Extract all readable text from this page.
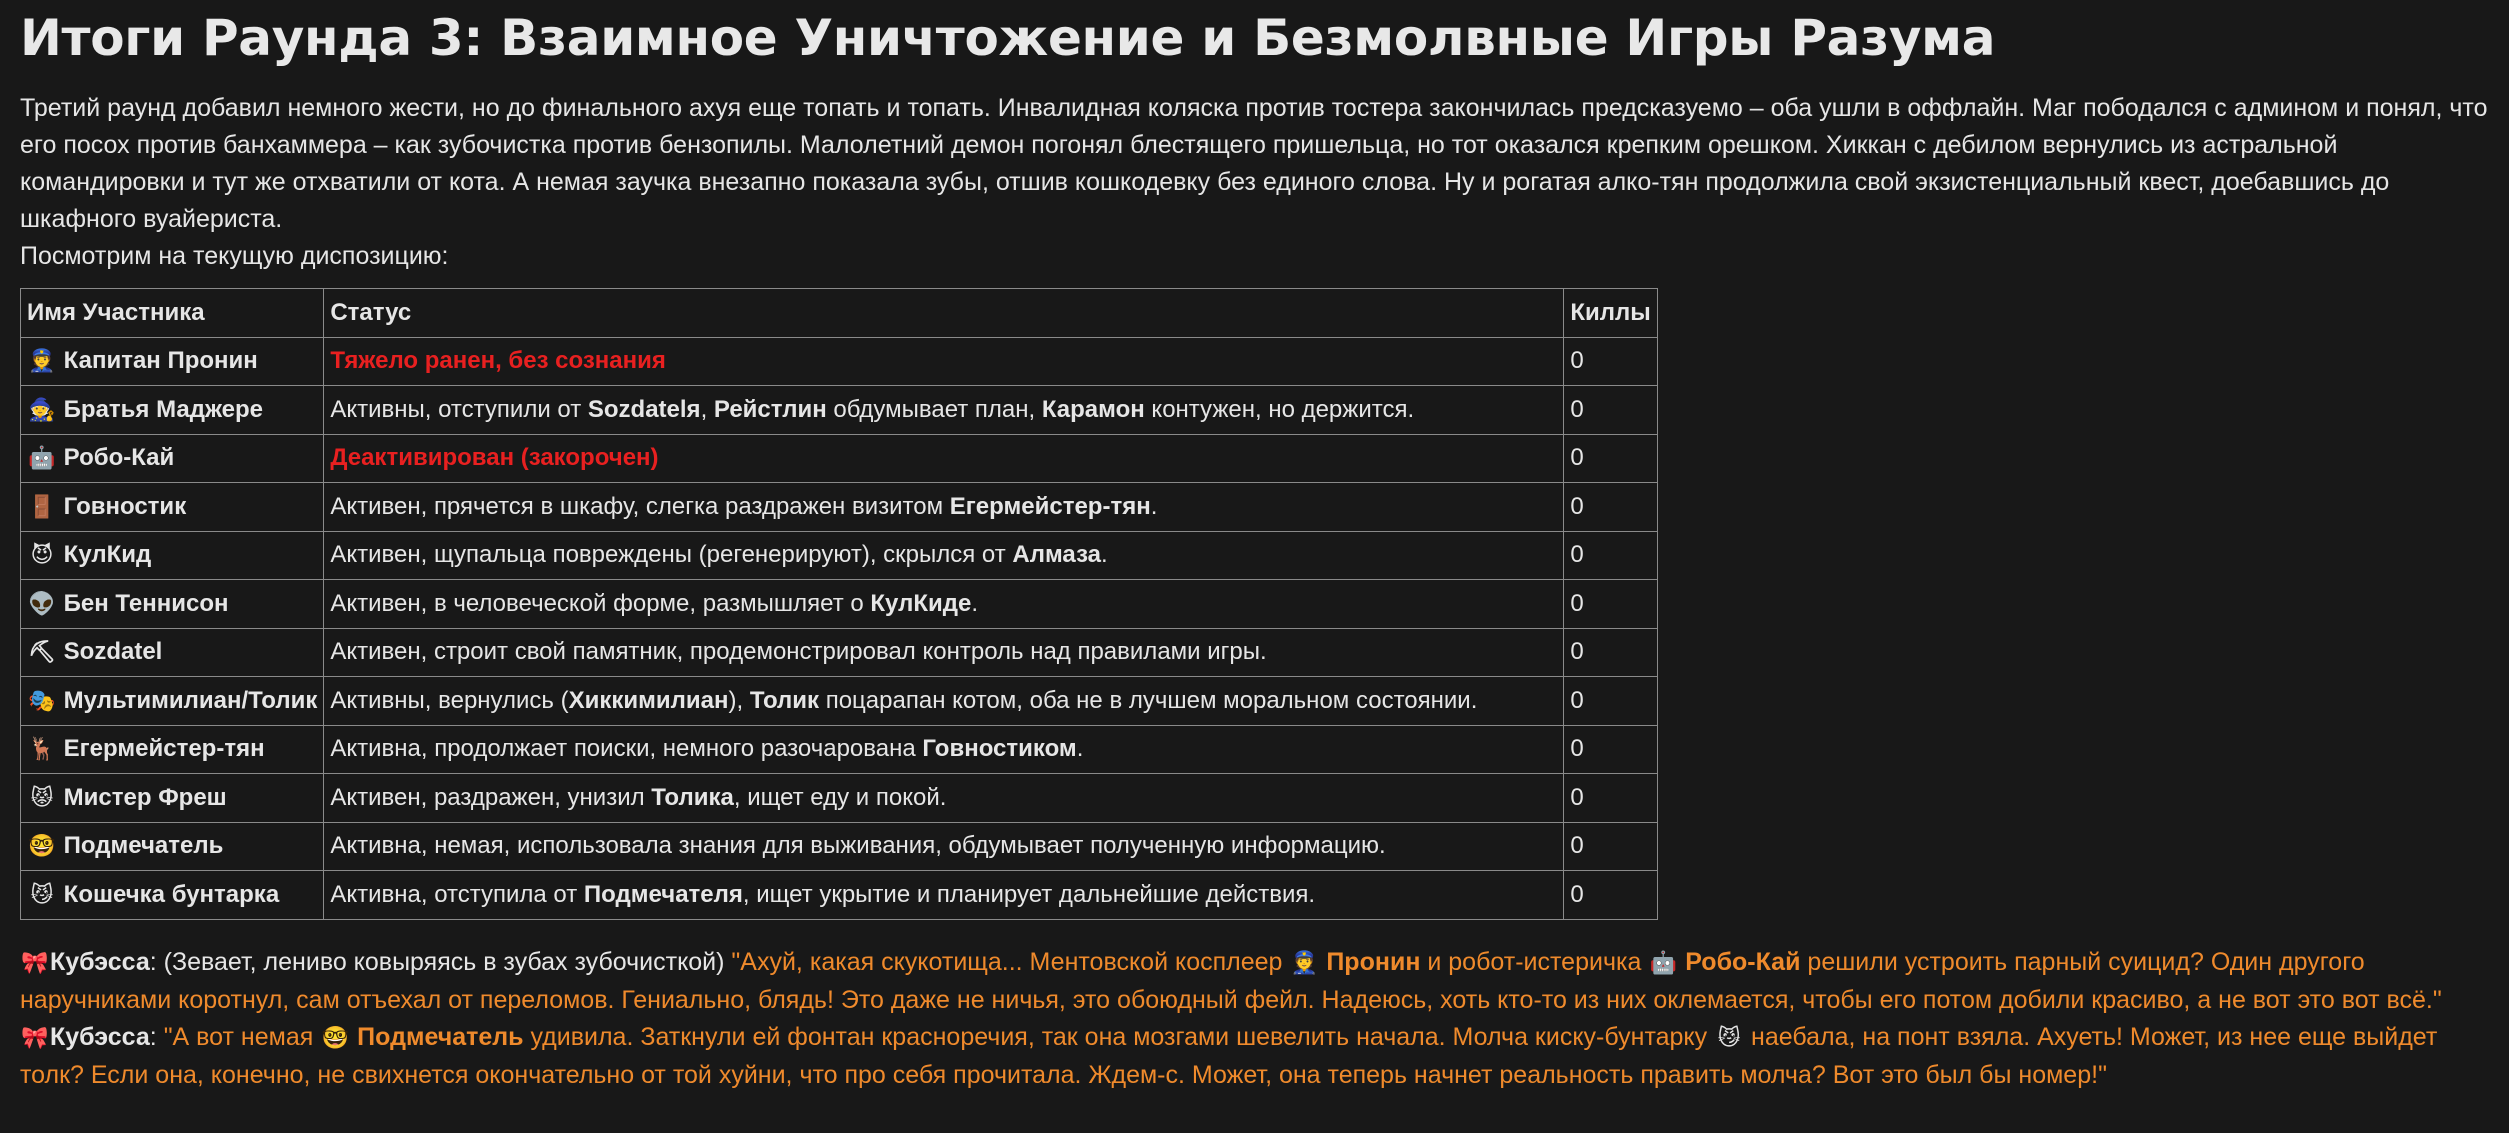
Итоги Раунда 3: Взаимное Уничтожение и Безмолвные Игры Разума

Третий раунд добавил немного жести, но до финального ахуя еще топать и топать. Инвалидная коляска против тостера закончилась предсказуемо – оба ушли в оффлайн. Маг пободался с админом и понял, что его посох против банхаммера – как зубочистка против бензопилы. Малолетний демон погонял блестящего пришельца, но тот оказался крепким орешком. Хиккан с дебилом вернулись из астральной командировки и тут же отхватили от кота. А немая заучка внезапно показала зубы, отшив кошкодевку без единого слова. Ну и рогатая алко-тян продолжила свой экзистенциальный квест, доебавшись до шкафного вуайериста.

Посмотрим на текущую диспозицию:

Имя Участника	Статус	Киллы
👮 Капитан Пронин	Тяжело ранен, без сознания	0
🧙 Братья Маджере	Активны, отступили от Sozdatelя, Рейстлин обдумывает план, Карамон контужен, но держится.	0
🤖 Робо-Кай	Деактивирован (закорочен)	0
🚪 Говностик	Активен, прячется в шкафу, слегка раздражен визитом Егермейстер-тян.	0
😈 КулКид	Активен, щупальца повреждены (регенерируют), скрылся от Алмаза.	0
👽 Бен Теннисон	Активен, в человеческой форме, размышляет о КулКиде.	0
⛏ Sozdatel	Активен, строит свой памятник, продемонстрировал контроль над правилами игры.	0
🎭 Мультимилиан/Толик	Активны, вернулись (Хиккимилиан), Толик поцарапан котом, оба не в лучшем моральном состоянии.	0
🦌 Егермейстер-тян	Активна, продолжает поиски, немного разочарована Говностиком.	0
😾 Мистер Фреш	Активен, раздражен, унизил Толика, ищет еду и покой.	0
🤓 Подмечатель	Активна, немая, использовала знания для выживания, обдумывает полученную информацию.	0
😼 Кошечка бунтарка	Активна, отступила от Подмечателя, ищет укрытие и планирует дальнейшие действия.	0

🎀Кубэсса: (Зевает, лениво ковыряясь в зубах зубочисткой) "Ахуй, какая скукотища... Ментовской косплеер 👮 Пронин и робот-истеричка 🤖 Робо-Кай решили устроить парный суицид? Один другого наручниками коротнул, сам отъехал от переломов. Гениально, блядь! Это даже не ничья, это обоюдный фейл. Надеюсь, хоть кто-то из них оклемается, чтобы его потом добили красиво, а не вот это вот всё."

🎀Кубэсса: "А вот немая 🤓 Подмечатель удивила. Заткнули ей фонтан красноречия, так она мозгами шевелить начала. Молча киску-бунтарку 😼 наебала, на понт взяла. Ахуеть! Может, из нее еще выйдет толк? Если она, конечно, не свихнется окончательно от той хуйни, что про себя прочитала. Ждем-с. Может, она теперь начнет реальность править молча? Вот это был бы номер!"
